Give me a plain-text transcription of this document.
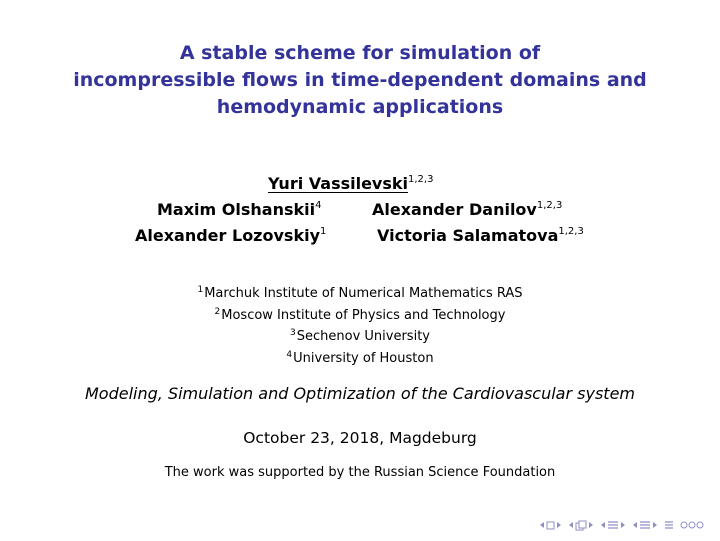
A stable scheme for simulation of
incompressible flows in time-dependent domains and
hemodynamic applications
Yuri Vassilevski$^{1,2,3}$
Maxim Olshanskii$^4$	Alexander Danilov$^{1,2,3}$
Alexander Lozovskiy$^1$	Victoria Salamatova$^{1,2,3}$
$^1$Marchuk Institute of Numerical Mathematics RAS
$^2$Moscow Institute of Physics and Technology
$^3$Sechenov University
$^4$University of Houston
Modeling, Simulation and Optimization of the Cardiovascular system
October 23, 2018, Magdeburg
The work was supported by the Russian Science Foundation
